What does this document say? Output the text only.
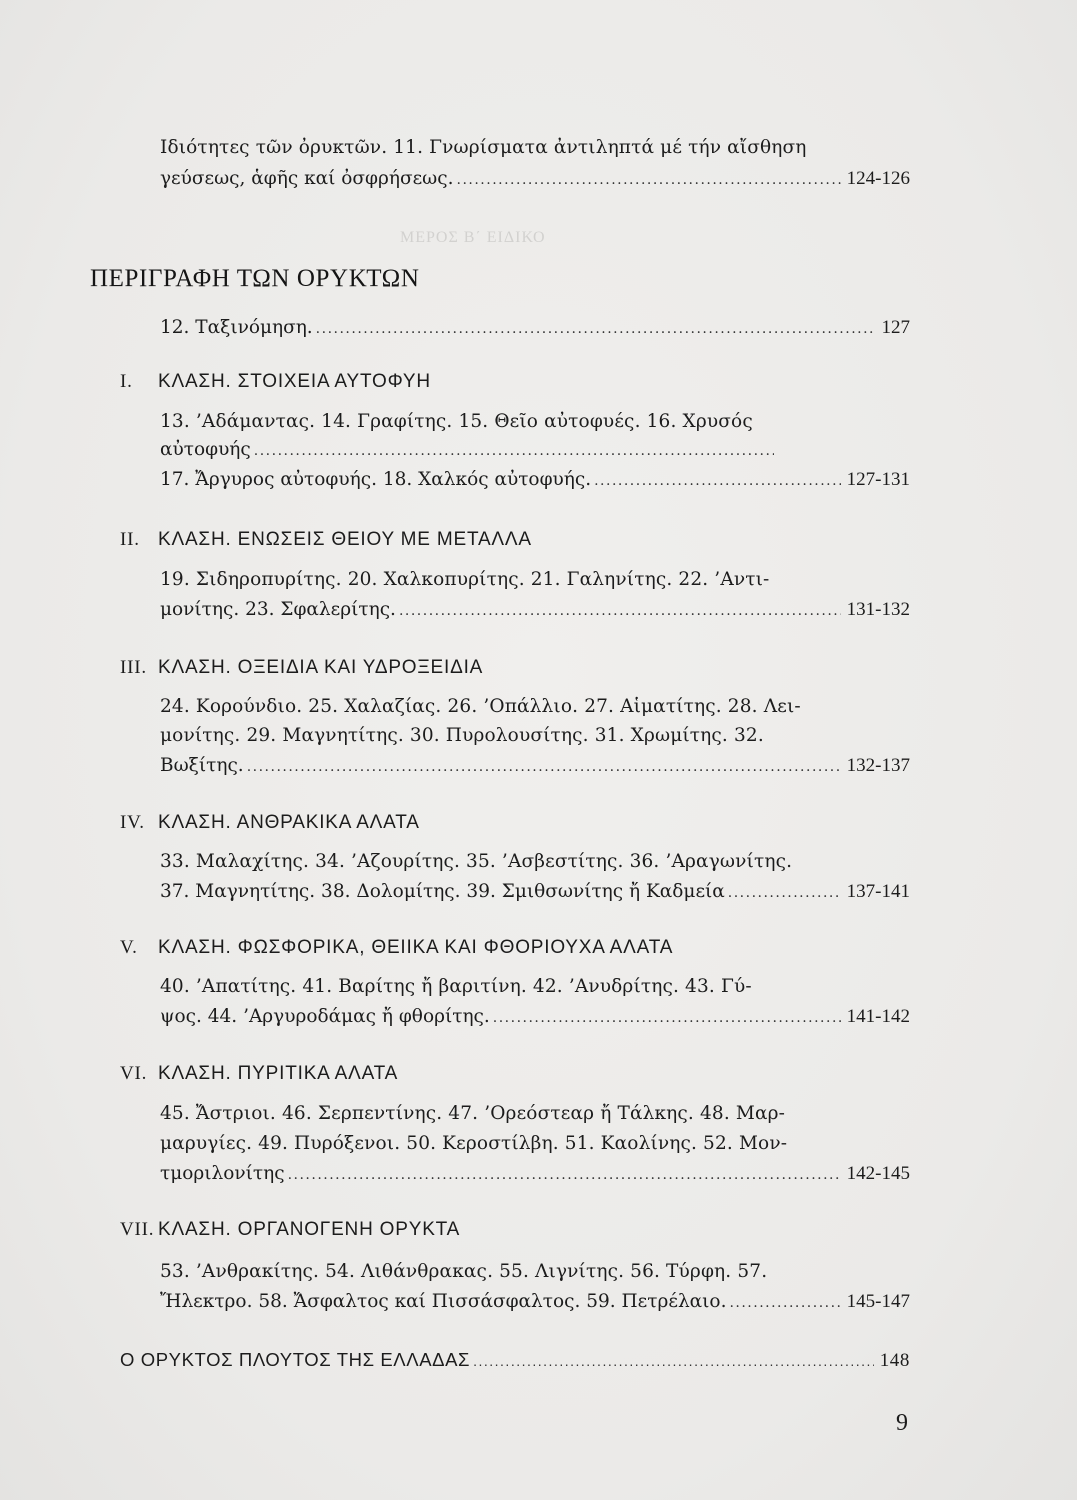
Ιδιότητες τῶν ὀρυκτῶν. 11. Γνωρίσματα ἀντιληπτά μέ τήν αἴσθηση
γεύσεως, ἁφῆς καί ὀσφρήσεως. .....	124-126
ΜΕΡΟΣ Β΄ ΕΙΔΙΚΟ
ΠΕΡΙΓΡΑΦΗ ΤΩΝ ΟΡΥΚΤΩΝ
12. Ταξινόμηση. .....	127
I. ΚΛΑΣΗ. ΣΤΟΙΧΕΙΑ ΑΥΤΟΦΥΗ
13. ’Αδάμαντας. 14. Γραφίτης. 15. Θεῖο αὐτοφυές. 16. Χρυσός
αὐτοφυής
.....
17. Ἄργυρος αὐτοφυής. 18. Χαλκός αὐτοφυής. .....	127-131
II. ΚΛΑΣΗ. ΕΝΩΣΕΙΣ ΘΕΙΟΥ ΜΕ ΜΕΤΑΛΛΑ
19. Σιδηροπυρίτης. 20. Χαλκοπυρίτης. 21. Γαληνίτης. 22. ’Αντι-
μονίτης. 23. Σφαλερίτης. .....	131-132
III. ΚΛΑΣΗ. ΟΞΕΙΔΙΑ ΚΑΙ ΥΔΡΟΞΕΙΔΙΑ
24. Κορούνδιο. 25. Χαλαζίας. 26. ’Οπάλλιο. 27. Αἱματίτης. 28. Λει-
μονίτης. 29. Μαγνητίτης. 30. Πυρολουσίτης. 31. Χρωμίτης. 32.
Βωξίτης. .....	132-137
IV. ΚΛΑΣΗ. ΑΝΘΡΑΚΙΚΑ ΑΛΑΤΑ
33. Μαλαχίτης. 34. ’Αζουρίτης. 35. ’Ασβεστίτης. 36. ’Αραγωνίτης.
37. Μαγνητίτης. 38. Δολομίτης. 39. Σμιθσωνίτης ἤ Καδμεία .....	137-141
V. ΚΛΑΣΗ. ΦΩΣΦΟΡΙΚΑ, ΘΕΙΙΚΑ ΚΑΙ ΦΘΟΡΙΟΥΧΑ ΑΛΑΤΑ
40. ’Απατίτης. 41. Βαρίτης ἤ βαριτίνη. 42. ’Ανυδρίτης. 43. Γύ-
ψος. 44. ’Αργυροδάμας ἤ φθορίτης. .....	141-142
VI. ΚΛΑΣΗ. ΠΥΡΙΤΙΚΑ ΑΛΑΤΑ
45. Ἄστριοι. 46. Σερπεντίνης. 47. ’Ορεόστεαρ ἤ Τάλκης. 48. Μαρ-
μαρυγίες. 49. Πυρόξενοι. 50. Κεροστίλβη. 51. Καολίνης. 52. Μον-
τμοριλονίτης .....	142-145
VII. ΚΛΑΣΗ. ΟΡΓΑΝΟΓΕΝΗ ΟΡΥΚΤΑ
53. ’Ανθρακίτης. 54. Λιθάνθρακας. 55. Λιγνίτης. 56. Τύρφη. 57.
Ἤλεκτρο. 58. Ἄσφαλτος καί Πισσάσφαλτος. 59. Πετρέλαιο. .....	145-147
Ο ΟΡΥΚΤΟΣ ΠΛΟΥΤΟΣ ΤΗΣ ΕΛΛΑΔΑΣ .....	148
9
